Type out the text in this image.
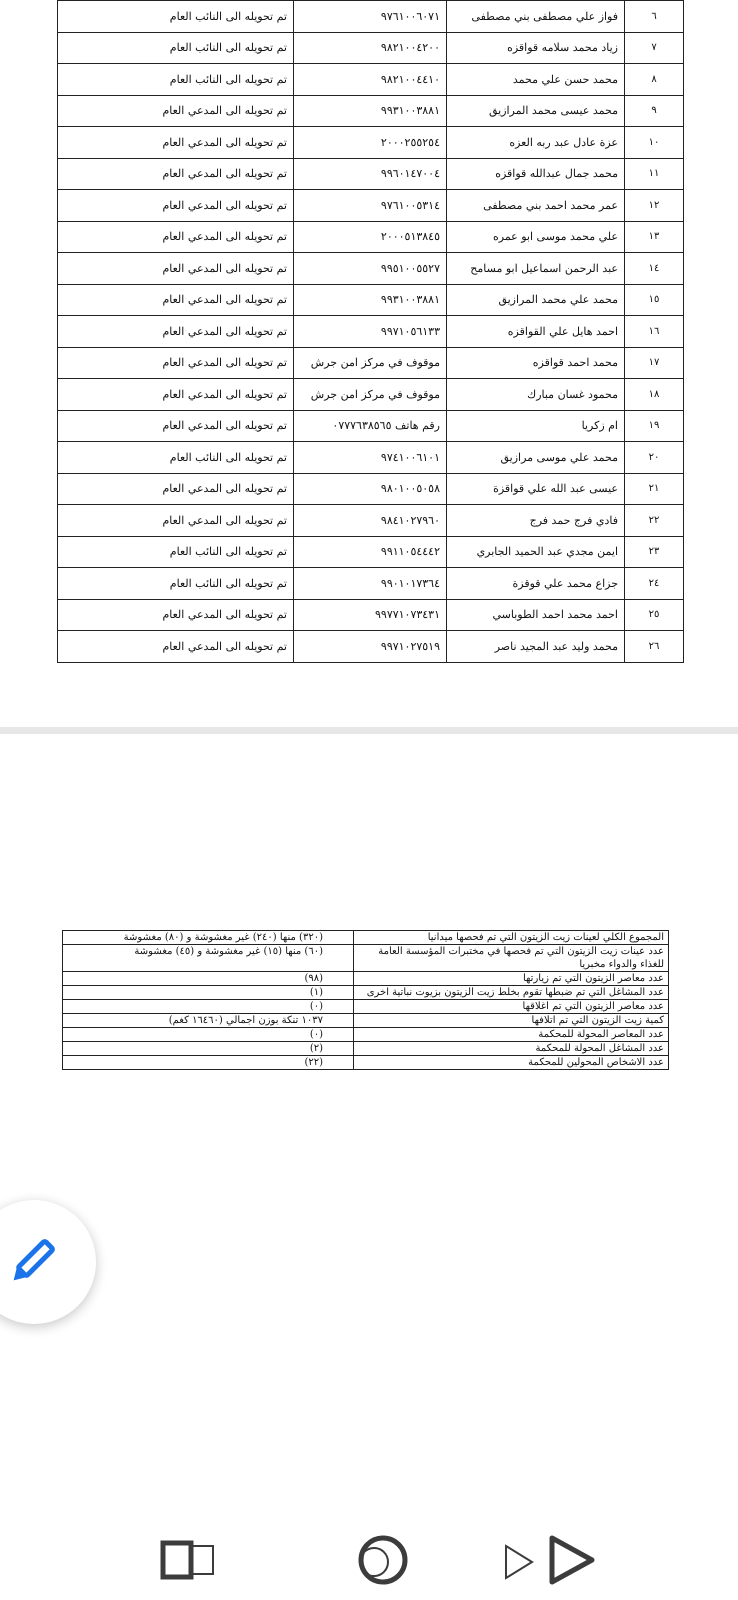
٦	فواز علي مصطفى بني مصطفى	٩٧٦١٠٠٦٠٧١	تم تحويله الى النائب العام
٧	زياد محمد سلامه قواقزه	٩٨٢١٠٠٤٢٠٠	تم تحويله الى النائب العام
٨	محمد حسن علي محمد	٩٨٢١٠٠٤٤١٠	تم تحويله الى النائب العام
٩	محمد عيسى محمد المرازيق	٩٩٣١٠٠٣٨٨١	تم تحويله الى المدعي العام
١٠	عزة عادل عبد ربه العزه	٢٠٠٠٢٥٥٢٥٤	تم تحويله الى المدعي العام
١١	محمد جمال عبدالله قواقزه	٩٩٦٠١٤٧٠٠٤	تم تحويله الى المدعي العام
١٢	عمر محمد احمد بني مصطفى	٩٧٦١٠٠٥٣١٤	تم تحويله الى المدعي العام
١٣	علي محمد موسى ابو عمره	٢٠٠٠٥١٣٨٤٥	تم تحويله الى المدعي العام
١٤	عبد الرحمن اسماعيل ابو مسامح	٩٩٥١٠٠٥٥٢٧	تم تحويله الى المدعي العام
١٥	محمد علي محمد المرازيق	٩٩٣١٠٠٣٨٨١	تم تحويله الى المدعي العام
١٦	احمد هايل علي القواقزه	٩٩٧١٠٥٦١٣٣	تم تحويله الى المدعي العام
١٧	محمد احمد قواقزه	موقوف في مركز امن جرش	تم تحويله الى المدعي العام
١٨	محمود غسان مبارك	موقوف في مركز امن جرش	تم تحويله الى المدعي العام
١٩	ام زكريا	رقم هاتف ٠٧٧٧٦٣٨٥٦٥	تم تحويله الى المدعي العام
٢٠	محمد علي موسى مرازيق	٩٧٤١٠٠٦١٠١	تم تحويله الى النائب العام
٢١	عيسى عبد الله علي قواقزة	٩٨٠١٠٠٥٠٥٨	تم تحويله الى المدعي العام
٢٢	فادي فرج حمد فرج	٩٨٤١٠٢٧٩٦٠	تم تحويله الى المدعي العام
٢٣	ايمن مجدي عبد الحميد الجابري	٩٩١١٠٥٤٤٤٢	تم تحويله الى النائب العام
٢٤	جزاع محمد علي قوقزة	٩٩٠١٠١٧٣٦٤	تم تحويله الى النائب العام
٢٥	احمد محمد احمد الطوباسي	٩٩٧٧١٠٧٣٤٣١	تم تحويله الى المدعي العام
٢٦	محمد وليد عبد المجيد ناصر	٩٩٧١٠٢٧٥١٩	تم تحويله الى المدعي العام
المجموع الكلي لعينات زيت الزيتون التي تم فحصها ميدانيا	(٣٢٠) منها (٢٤٠) غير مغشوشة و (٨٠) مغشوشة
عدد عينات زيت الزيتون التي تم فحصها في مختبرات المؤسسة العامة للغذاء والدواء مخبريا	(٦٠) منها (١٥) غير مغشوشة و (٤٥) مغشوشة
عدد معاصر الزيتون التي تم زيارتها	(٩٨)
عدد المشاغل التي تم ضبطها تقوم بخلط زيت الزيتون بزيوت نباتية اخرى	(١)
عدد معاصر الزيتون التي تم اغلاقها	(٠)
كمية زيت الزيتون التي تم اتلافها	١٠٣٧ تنكة بوزن اجمالي (١٦٤٦٠ كغم)
عدد المعاصر المحولة للمحكمة	(٠)
عدد المشاغل المحولة للمحكمة	(٢)
عدد الاشخاص المحولين للمحكمة	(٢٢)
